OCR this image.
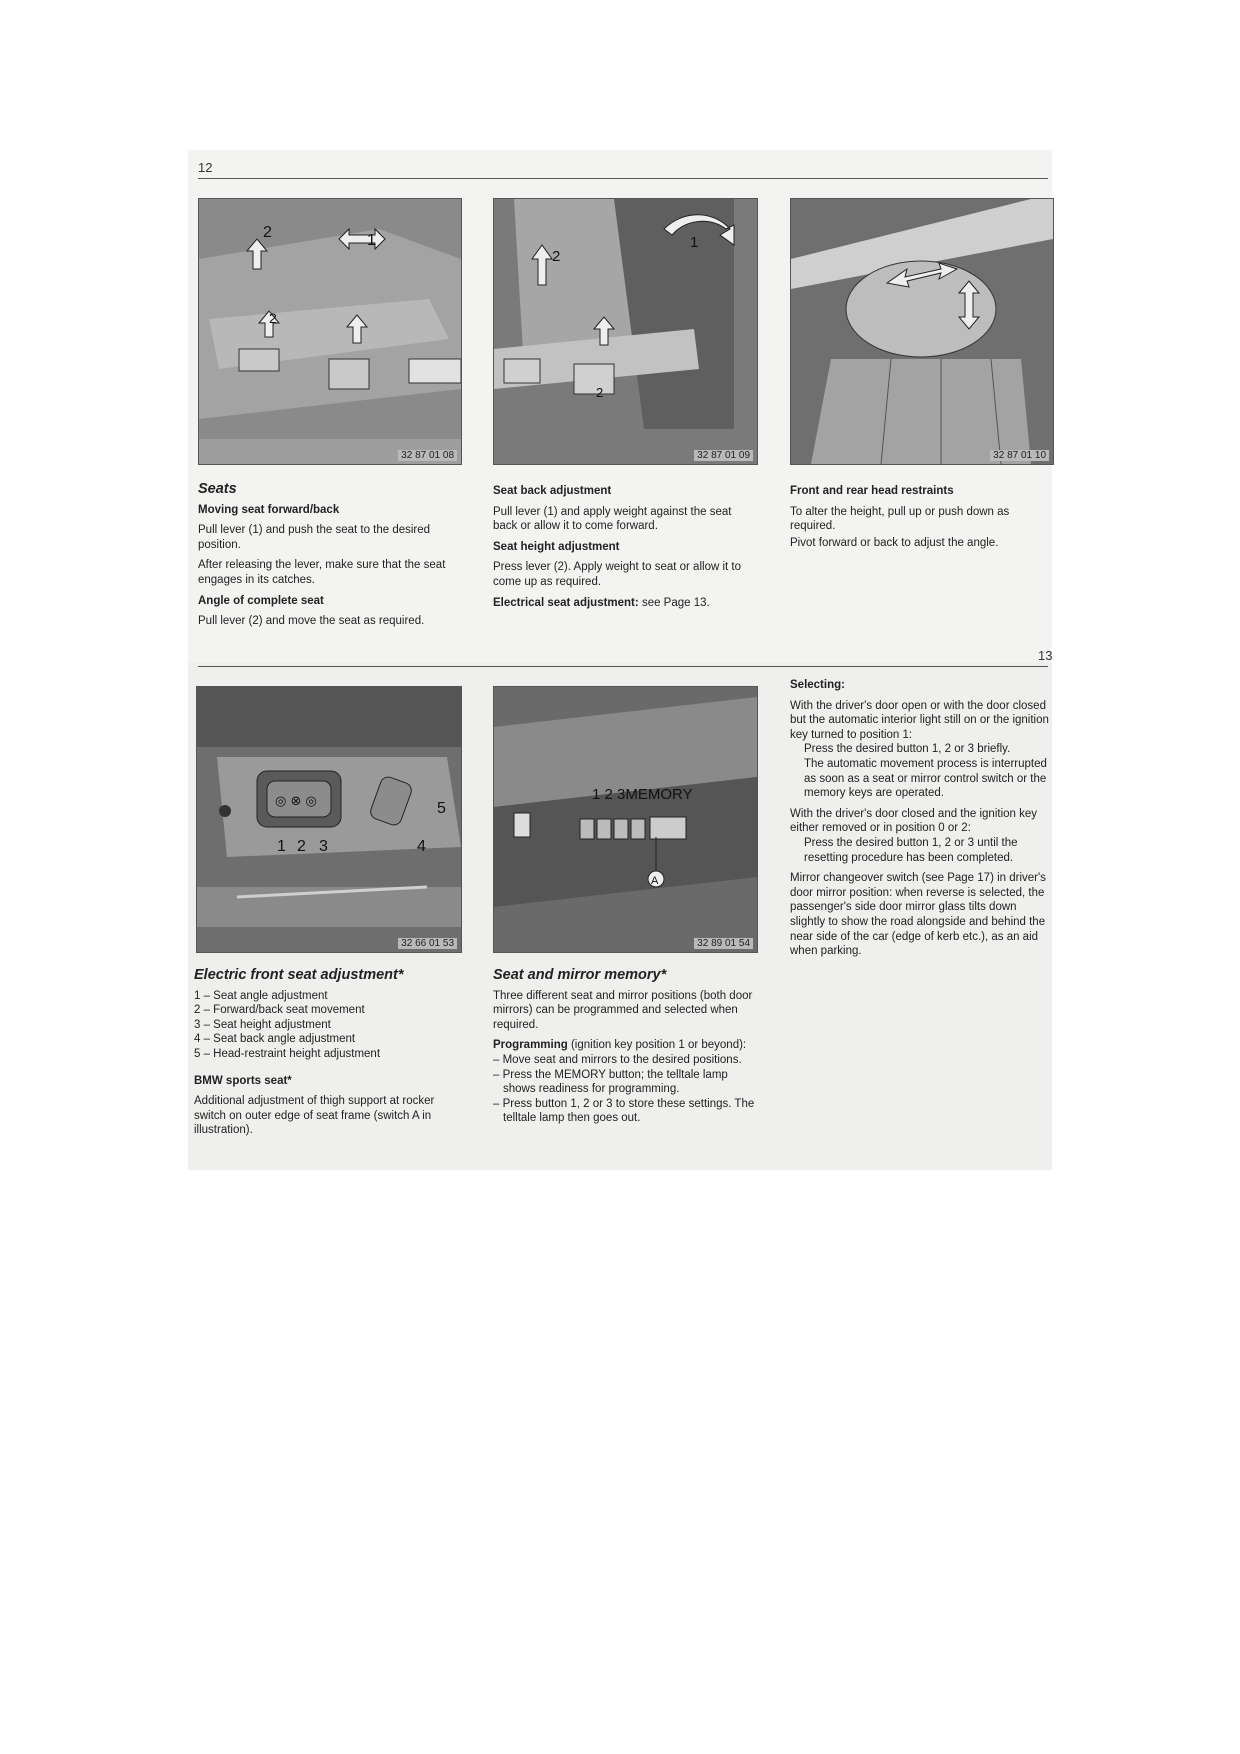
12
1
2
2
32 87 01 08
1
2
2
32 87 01 09	32 87 01 10

Seats

Moving seat forward/back

Pull lever (1) and push the seat to the desired position.

After releasing the lever, make sure that the seat engages in its catches.

Angle of complete seat

Pull lever (2) and move the seat as required.

Seat back adjustment

Pull lever (1) and apply weight against the seat back or allow it to come forward.

Seat height adjustment

Press lever (2). Apply weight to seat or allow it to come up as required.

Electrical seat adjustment: see Page 13.

Front and rear head restraints

To alter the height, pull up or push down as required.

Pivot forward or back to adjust the angle.

13
◎ ⊗ ◎
1 2 3	4
5
32 66 01 53
1 2 3MEMORY
A
32 89 01 54

Electric front seat adjustment*

1 – Seat angle adjustment
2 – Forward/back seat movement
3 – Seat height adjustment
4 – Seat back angle adjustment
5 – Head-restraint height adjustment

BMW sports seat*

Additional adjustment of thigh support at rocker switch on outer edge of seat frame (switch A in illustration).

Seat and mirror memory*

Three different seat and mirror positions (both door mirrors) can be programmed and selected when required.

Programming (ignition key position 1 or beyond):

– Move seat and mirrors to the desired positions.
– Press the MEMORY button; the telltale lamp shows readiness for programming.
– Press button 1, 2 or 3 to store these settings. The telltale lamp then goes out.

Selecting:

With the driver's door open or with the door closed but the automatic interior light still on or the ignition key turned to position 1:

Press the desired button 1, 2 or 3 briefly.

The automatic movement process is interrupted as soon as a seat or mirror control switch or the memory keys are operated.

With the driver's door closed and the ignition key either removed or in position 0 or 2:

Press the desired button 1, 2 or 3 until the resetting procedure has been completed.

Mirror changeover switch (see Page 17) in driver's door mirror position: when reverse is selected, the passenger's side door mirror glass tilts down slightly to show the road alongside and behind the near side of the car (edge of kerb etc.), as an aid when parking.
